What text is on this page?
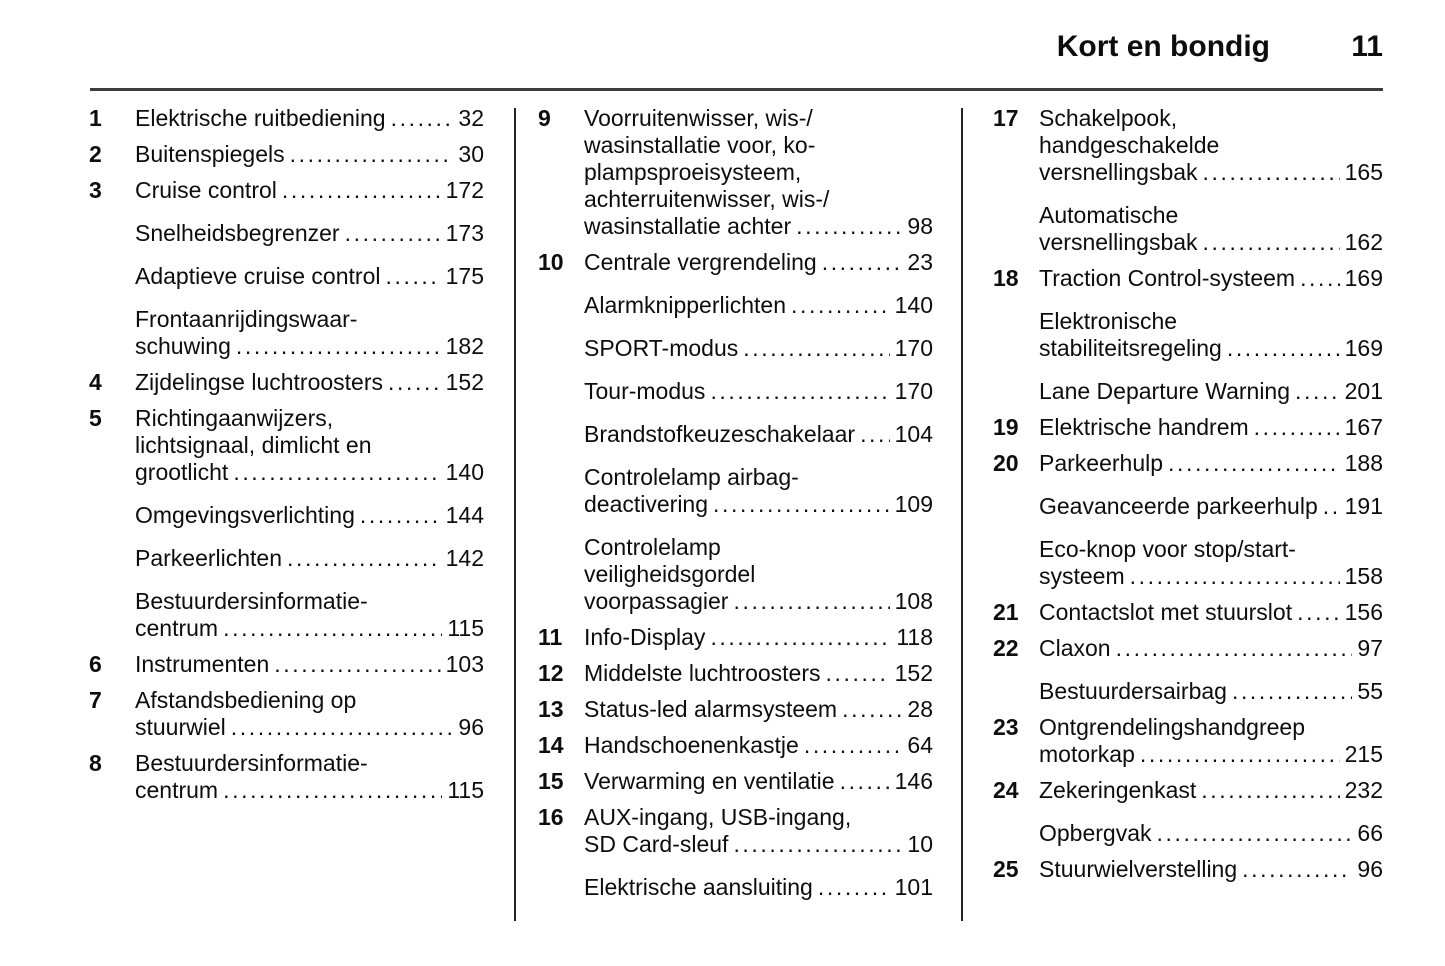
Kort en bondig	11
1	Elektrische ruitbediening .....	32
2	Buitenspiegels .....	30
3	Cruise control .....	172
Snelheidsbegrenzer .....	173
Adaptieve cruise control .....	175
Frontaanrijdingswaar-
schuwing .....	182
4	Zijdelingse luchtroosters .....	152
5	Richtingaanwijzers,
lichtsignaal, dimlicht en
grootlicht .....	140
Omgevingsverlichting .....	144
Parkeerlichten .....	142
Bestuurdersinformatie-
centrum .....	115
6	Instrumenten .....	103
7	Afstandsbediening op
stuurwiel .....	96
8	Bestuurdersinformatie-
centrum .....	115
9	Voorruitenwisser, wis-/
wasinstallatie voor, ko-
plampsproeisysteem,
achterruitenwisser, wis-/
wasinstallatie achter .....	98
10 Centrale vergrendeling .....	23
Alarmknipperlichten .....	140
SPORT-modus .....	170
Tour-modus .....	170
Brandstofkeuzeschakelaar ..... 104
Controlelamp airbag-
deactivering .....	109
Controlelamp
veiligheidsgordel
voorpassagier .....	108
11 Info-Display .....	118
12 Middelste luchtroosters .....	152
13 Status-led alarmsysteem .....	28
14 Handschoenenkastje .....	64
15 Verwarming en ventilatie .....	146
16 AUX-ingang, USB-ingang,
SD Card-sleuf .....	10
Elektrische aansluiting .....	101
17 Schakelpook,
handgeschakelde
versnellingsbak .....	165
Automatische
versnellingsbak .....	162
18 Traction Control-systeem ..... 169
Elektronische
stabiliteitsregeling .....	169
Lane Departure Warning ..... 201
19 Elektrische handrem .....	167
20 Parkeerhulp .....	188
Geavanceerde parkeerhulp ..... 191
Eco-knop voor stop/start-
systeem .....	158
21 Contactslot met stuurslot ..... 156
22 Claxon .....	97
Bestuurdersairbag .....	55
23 Ontgrendelingshandgreep
motorkap .....	215
24 Zekeringenkast .....	232
Opbergvak .....	66
25 Stuurwielverstelling .....	96
